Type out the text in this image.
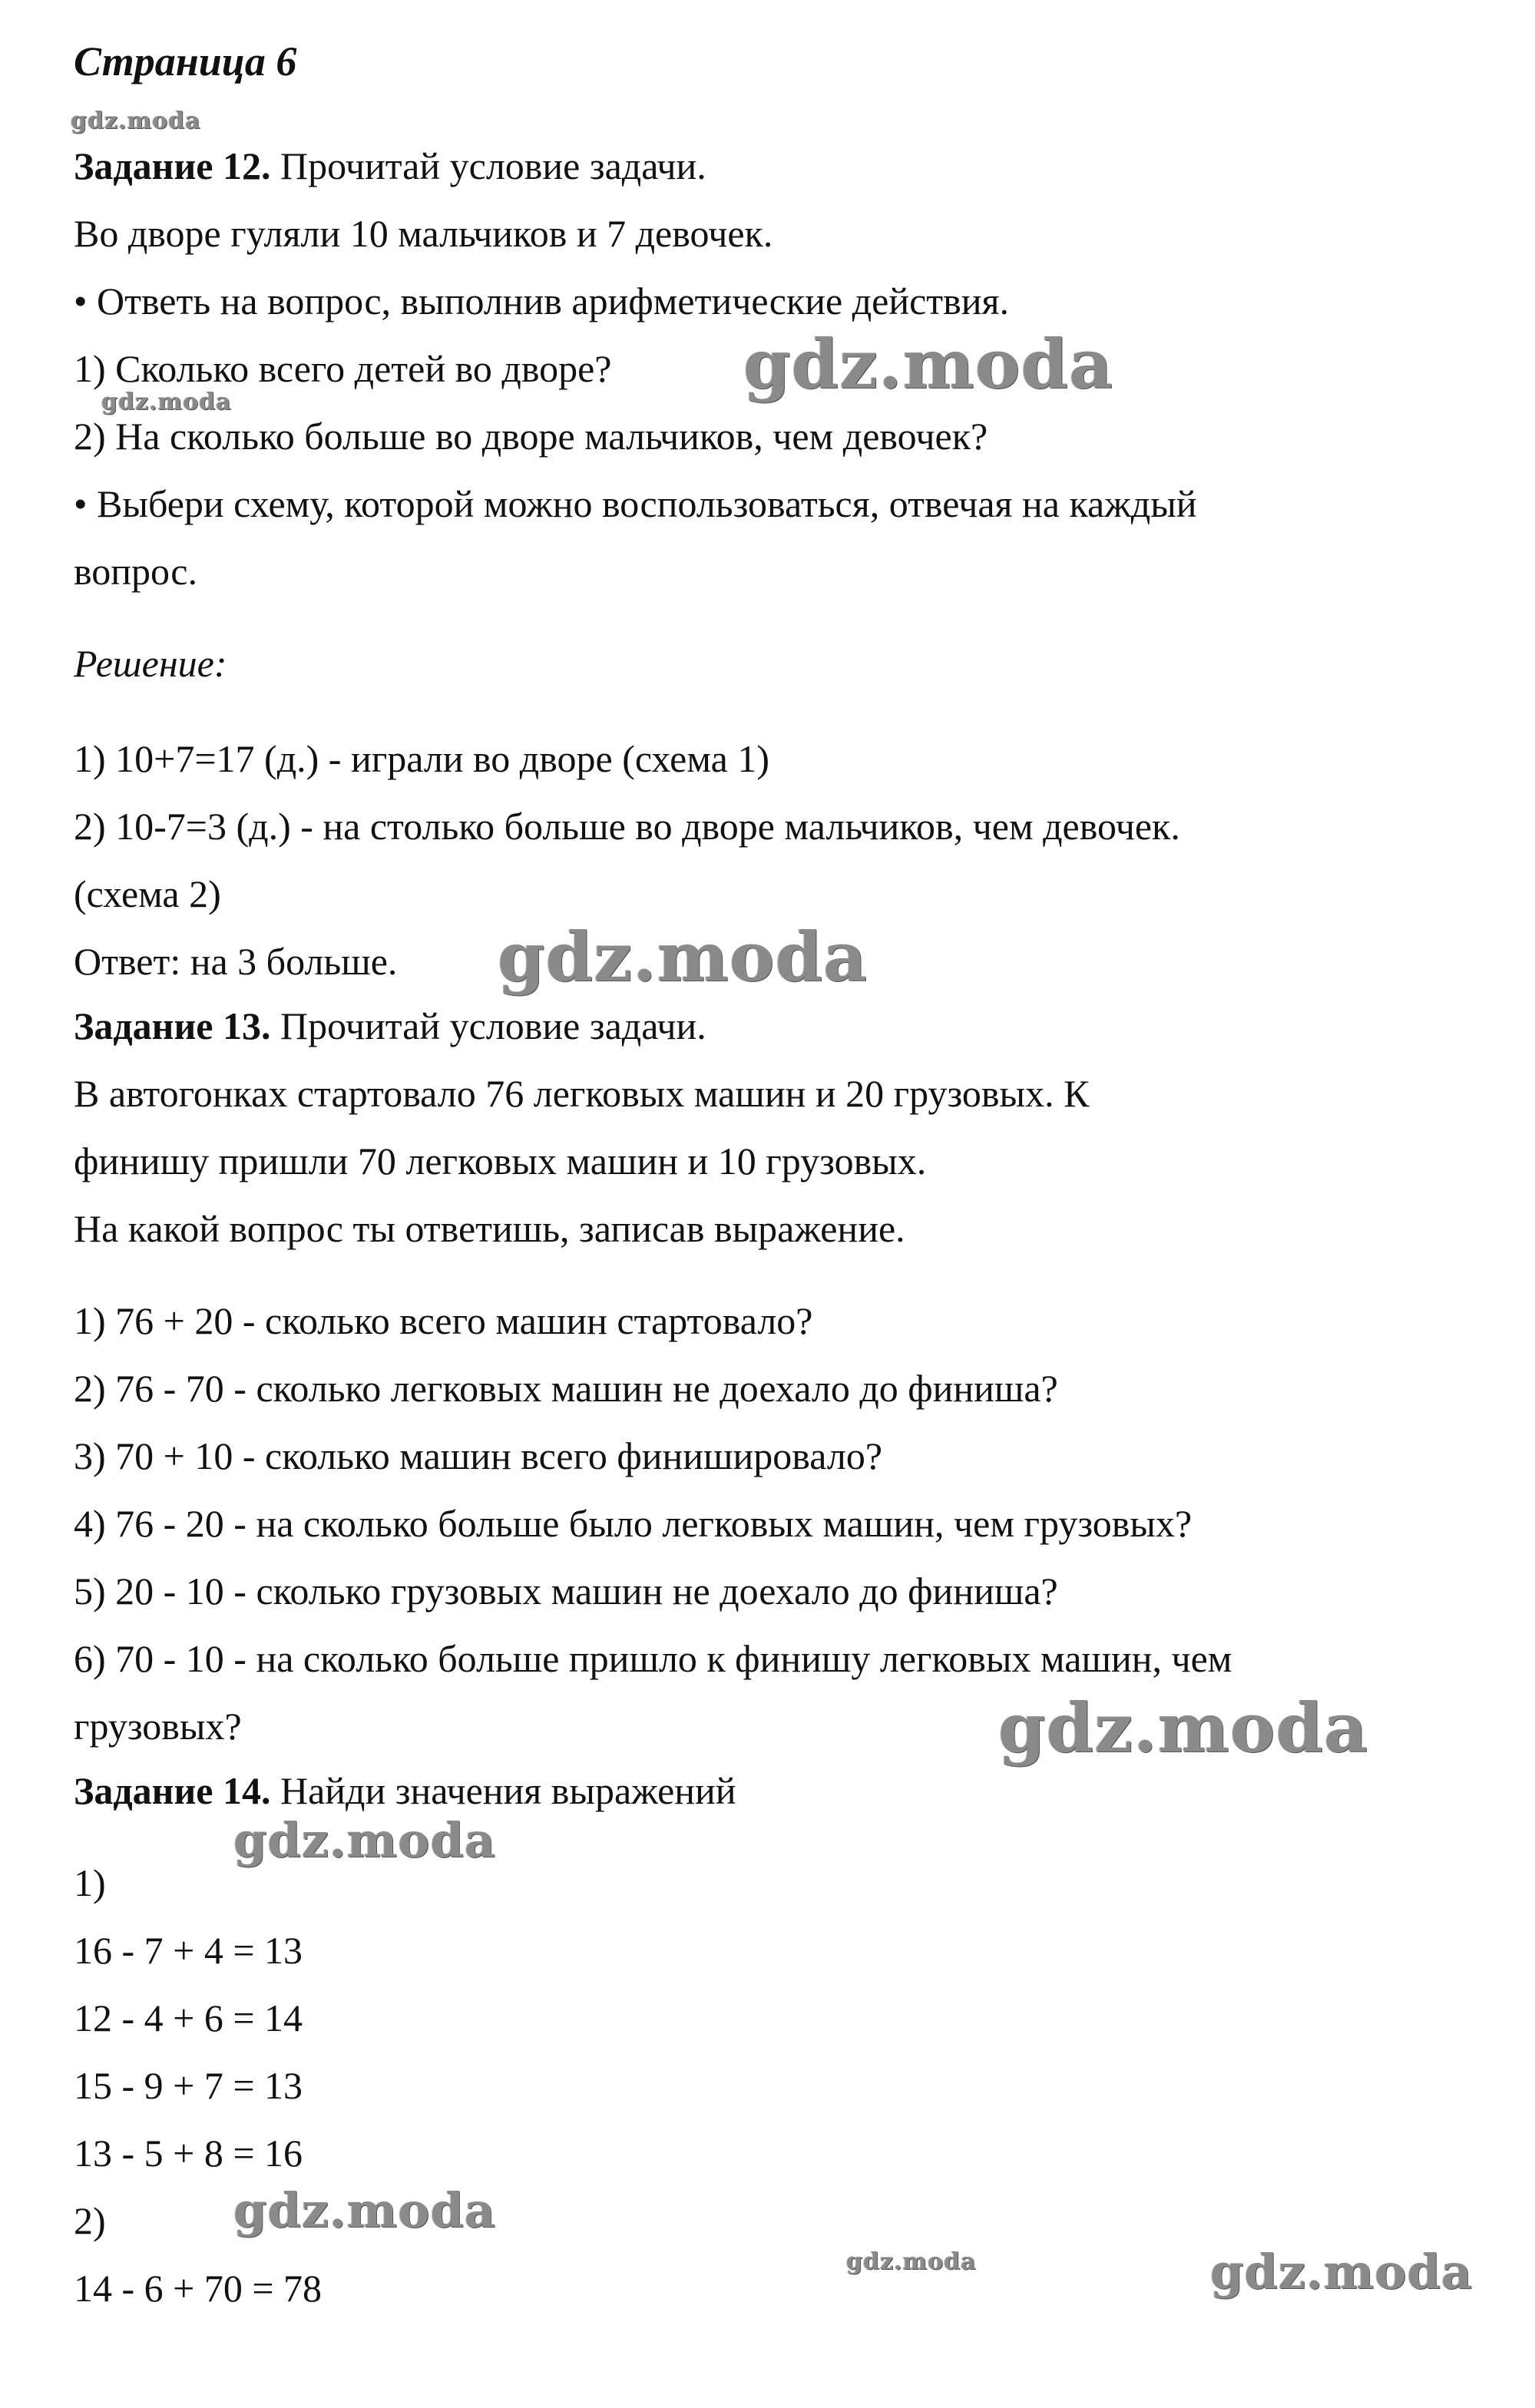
Страница 6
Задание 12. Прочитай условие задачи.
Во дворе гуляли 10 мальчиков и 7 девочек.
• Ответь на вопрос, выполнив арифметические действия.
1) Сколько всего детей во дворе?
2) На сколько больше во дворе мальчиков, чем девочек?
• Выбери схему, которой можно воспользоваться, отвечая на каждый
вопрос.
Решение:
1) 10+7=17 (д.) - играли во дворе (схема 1)
2) 10-7=3 (д.) - на столько больше во дворе мальчиков, чем девочек.
(схема 2)
Ответ: на 3 больше.
Задание 13. Прочитай условие задачи.
В автогонках стартовало 76 легковых машин и 20 грузовых. К
финишу пришли 70 легковых машин и 10 грузовых.
На какой вопрос ты ответишь, записав выражение.
1) 76 + 20 - сколько всего машин стартовало?
2) 76 - 70 - сколько легковых машин не доехало до финиша?
3) 70 + 10 - сколько машин всего финишировало?
4) 76 - 20 - на сколько больше было легковых машин, чем грузовых?
5) 20 - 10 - сколько грузовых машин не доехало до финиша?
6) 70 - 10 - на сколько больше пришло к финишу легковых машин, чем
грузовых?
Задание 14. Найди значения выражений
1)
16 - 7 + 4 = 13
12 - 4 + 6 = 14
15 - 9 + 7 = 13
13 - 5 + 8 = 16
2)
14 - 6 + 70 = 78
gdz.moda
gdz.moda
gdz.moda
gdz.moda
gdz.moda
gdz.moda
gdz.moda
gdz.moda	gdz.moda
